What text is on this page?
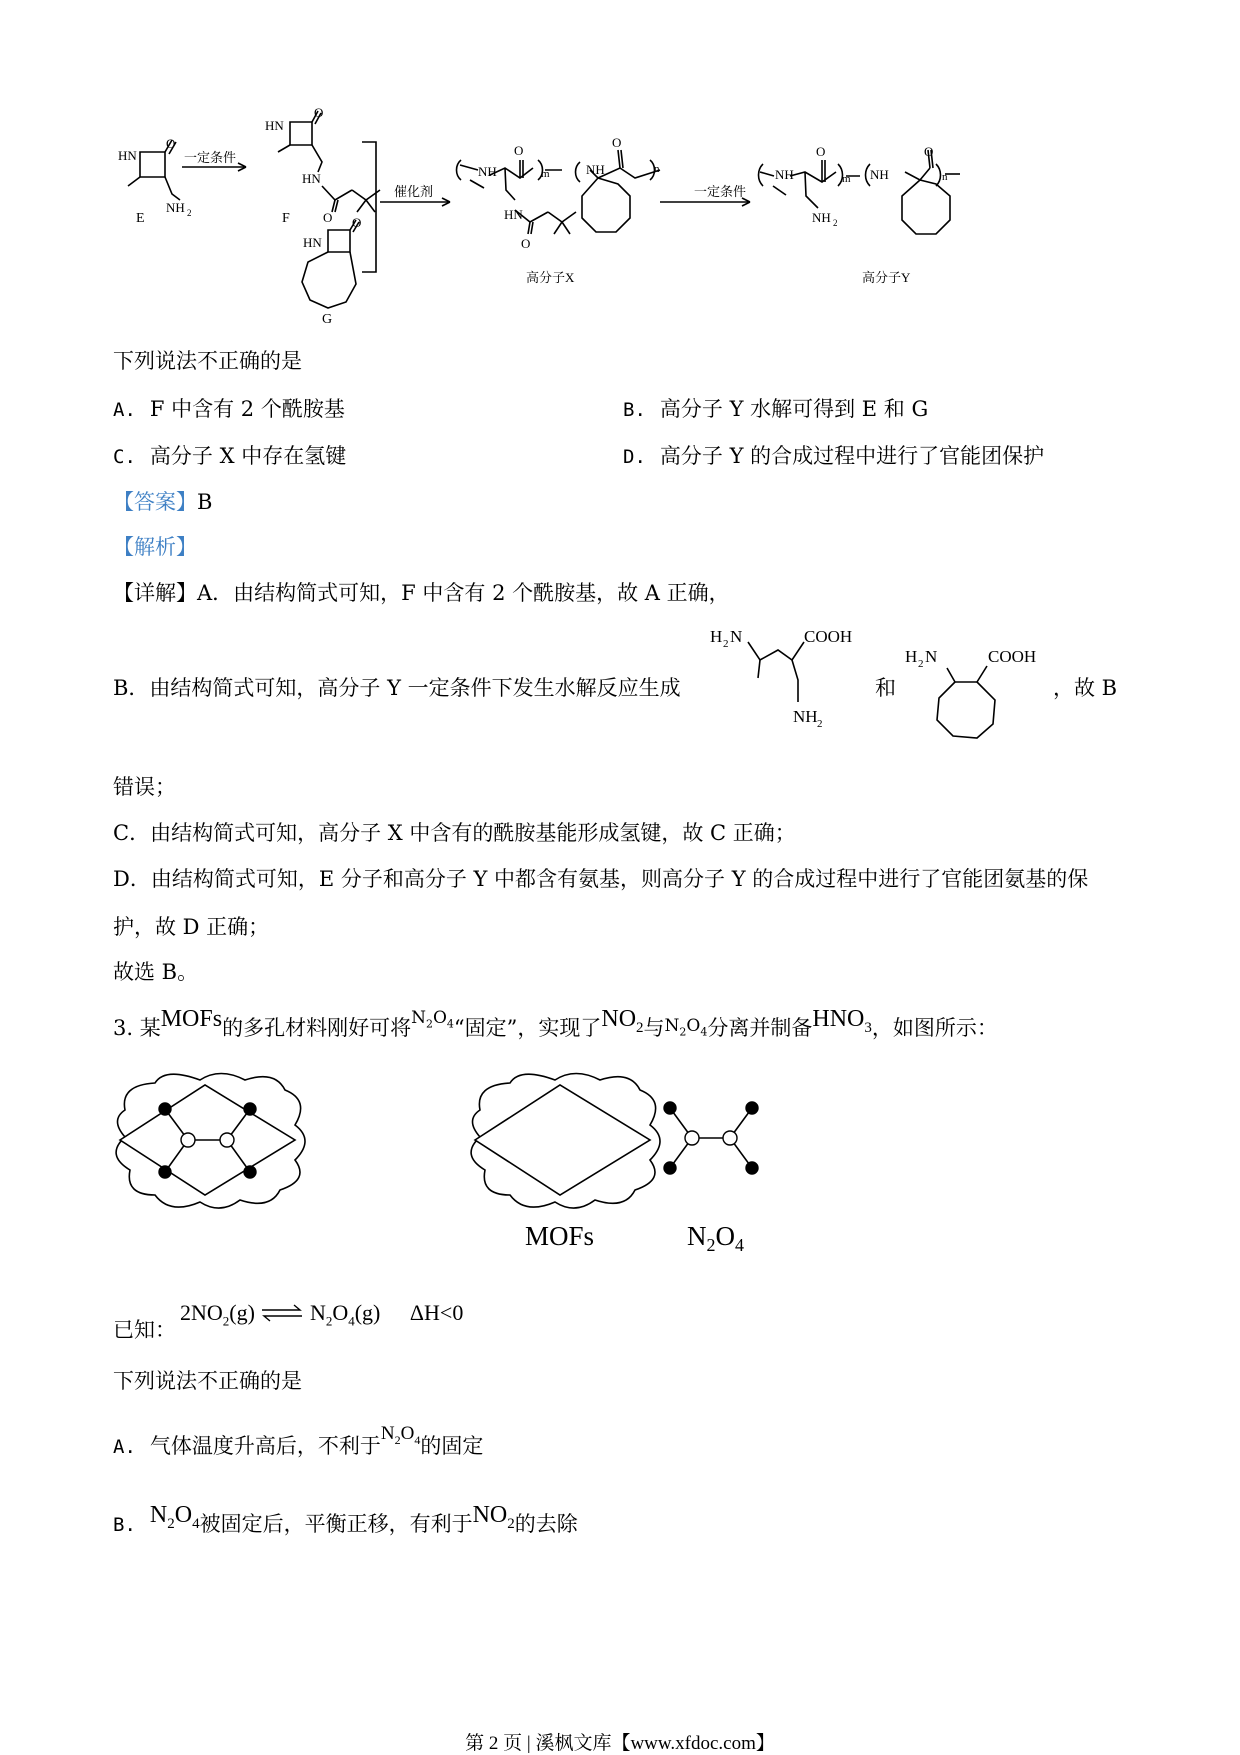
E	F
G
一定条件
催化剂	一定条件
高分子X	高分子Y
HN
O
NH 2
HN
O
HN
O
HN
O
NH
O
m	NH
O
n
HN
O
NH
O
m NH
O
n
NH 2
下列说法不正确的是
A. F 中含有 2 个酰胺基	B. 高分子 Y 水解可得到 E 和 G
C. 高分子 X 中存在氢键	D. 高分子 Y 的合成过程中进行了官能团保护
【答案】B
【解析】
【详解】A．由结构简式可知，F 中含有 2 个酰胺基，故 A 正确，
B．由结构简式可知，高分子 Y 一定条件下发生水解反应生成
H 2 N	COOH
NH 2
和
H 2 N	COOH
，故 B
错误；
C．由结构简式可知，高分子 X 中含有的酰胺基能形成氢键，故 C 正确；
D．由结构简式可知，E 分子和高分子 Y 中都含有氨基，则高分子 Y 的合成过程中进行了官能团氨基的保
护，故 D 正确；
故选 B。
3. 某MOFs的多孔材料刚好可将$^{N_2O_4}$“固定”，实现了$NO_2$与$N_2O_4$分离并制备$HNO_3$，如图所示：
MOFs	$N_2O_4$
已知：
$2NO_2(g)$ ⇌ $N_2O_4(g)$ ΔH<0
下列说法不正确的是
A. 气体温度升高后，不利于$N_2O_4$的固定
B. $N_2O_4$被固定后，平衡正移，有利于$NO_2$的去除
第 2 页 | 溪枫文库【www.xfdoc.com】
